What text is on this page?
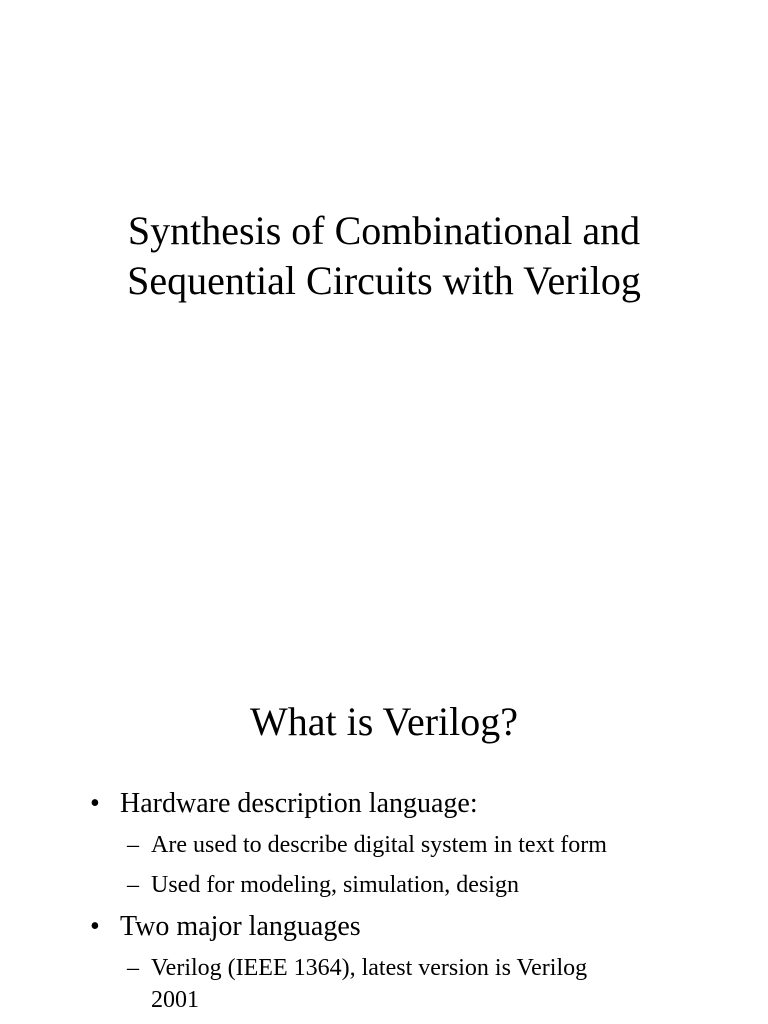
Synthesis of Combinational and
Sequential Circuits with Verilog
What is Verilog?
• Hardware description language:
– Are used to describe digital system in text form
– Used for modeling, simulation, design
• Two major languages
– Verilog (IEEE 1364), latest version is Verilog
2001
